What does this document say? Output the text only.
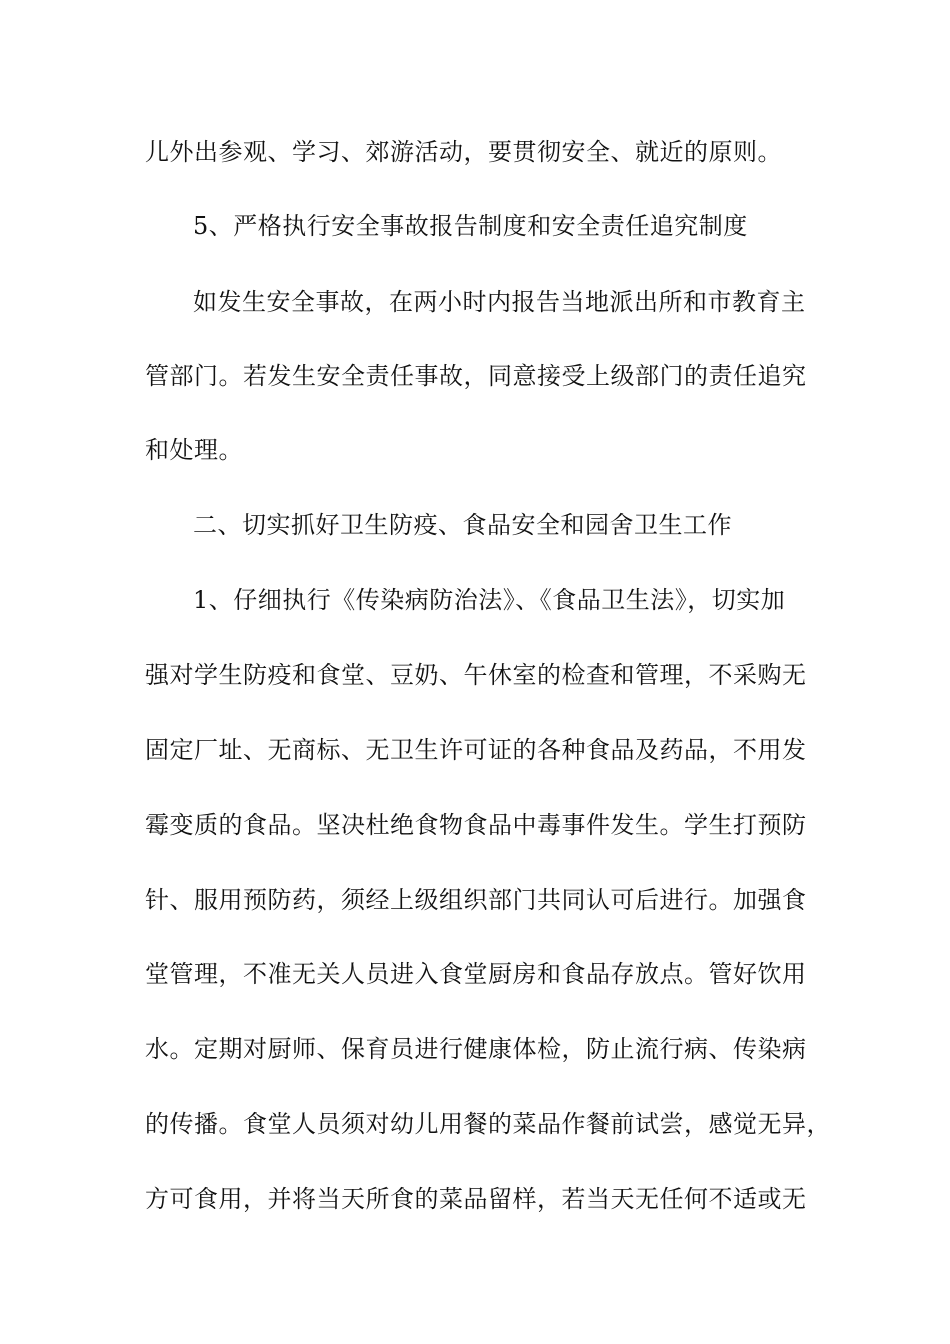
儿外出参观、学习、郊游活动，要贯彻安全、就近的原则。
5、严格执行安全事故报告制度和安全责任追究制度
如发生安全事故，在两小时内报告当地派出所和市教育主
管部门。若发生安全责任事故，同意接受上级部门的责任追究
和处理。
二、切实抓好卫生防疫、食品安全和园舍卫生工作
1、仔细执行《传染病防治法》、《食品卫生法》，切实加
强对学生防疫和食堂、豆奶、午休室的检查和管理，不采购无
固定厂址、无商标、无卫生许可证的各种食品及药品，不用发
霉变质的食品。坚决杜绝食物食品中毒事件发生。学生打预防
针、服用预防药，须经上级组织部门共同认可后进行。加强食
堂管理，不准无关人员进入食堂厨房和食品存放点。管好饮用
水。定期对厨师、保育员进行健康体检，防止流行病、传染病
的传播。食堂人员须对幼儿用餐的菜品作餐前试尝，感觉无异，
方可食用，并将当天所食的菜品留样，若当天无任何不适或无
